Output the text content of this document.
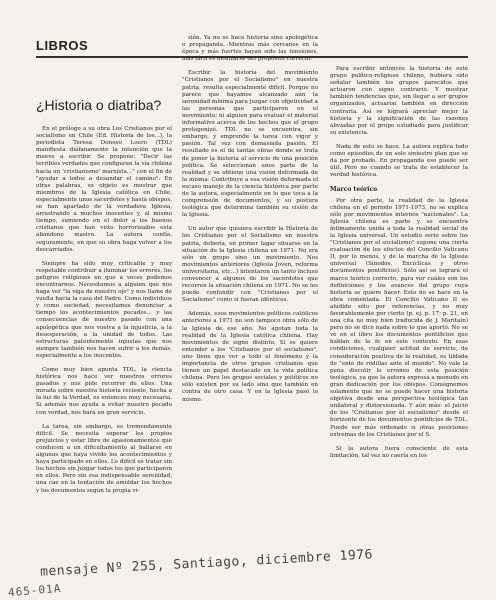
LIBROS
¿Historia o diatriba?

En el prólogo a su obra Los Cristianos por el socialismo en Chile (Ed. Historia de los...), la periodista Teresa Donoso Loero (TDL) manifiesta diáfanamente la intención que la mueve a escribir. Se propone: "Decir las terribles verdades que configuran la vía chilena hacia un 'cristianismo' marxista..." con el fin de "ayudar a todos a desandar el camino". En otras palabras, su objeto es mostrar que miembros de la Iglesia católica en Chile, especialmente unos sacerdotes y hasta obispos, se han apartado de la verdadera Iglesia, arrastrando a muchos inocentes y, al mismo tiempo, sumiendo en el dolor a los buenos cristianos que han visto horrorizados esta abandono masivo. La autora confía, seguramente, en que su obra haga volver a los descarriados.

Siempre ha sido muy criticable y muy respetable contribuir a iluminar los errores, los peligros religiosos en que a veces podemos encontrarnos. Necesitamos a alguien que nos haga ver "la viga de nuestro ojo" y nos llame de vuelta hacia la casa del Padre. Como individuos y como sociedad, necesitamos denunciar a tiempo los acontecimientos pecados... y las consecuencias de nuestro pasado con una apologética que nos vuelva a la injusticia, a la desesperación, a la unidad de todos. Las estructuras patentemente injustas que nos siempre también nos hacen sufrir a los demás, especialmente a los inocentes.

Como muy bien apunta TDL, la ciencia histórica nos hace ver nuestros errores pasados y nos pide recorrer de ellos. Una mirada sobre nuestra historia reciente, hecha a la luz de la Verdad, es entonces muy necesaria. Si además nos ayuda a evitar nuestro pecado con verdad, nos hará un gran servicio.

La tarea, sin embargo, es tremendamente difícil. Se necesita superar los propios prejuicios y estar libre de apasionamientos que conducen a un dificultamiento al hallarse en algunos que haya vivido los acontecimientos y haya participado en ellos. Lo difícil es tratar sin los hechos sin juzgar todos los que participaron en ellos. Pero sin esa indispensable serenidad, una cae en la tentación de amoldar los hechos y los documentos según la propia vi-

sión. Ya no se hace historia sino apologética o propaganda. Mientras más cercanos en la época y más fuertes hayan sido las tensiones, más fácil es deslizarse del propósito correcto.

Escribir la historia del movimiento "Cristianos por el Socialismo" en nuestra patria, resulta especialmente difícil. Porque no parece que hayamos alcanzado aún la serenidad mínima para juzgar con objetividad a las personas que participaron en el movimiento; ni alguien para evaluar el material informativo acerca de los hechos que el grupo protagonizó. TDL no se encuentra, sin embargo, y emprende la tarea con vigor y pasión. Tal vez con demasiada pasión. El resultado es el de tantas obras donde se trata de poner la historia al servicio de una posición política. Se seleccionan unos parte de la realidad y se obtiene una visión deformada de la misma. Contribuye a esa visión deformada el escaso manejo de la ciencia histórica por parte de la autora, especialmente en lo que toca a la comprensión de documentos, y su postura teológica que determina también su visión de la Iglesia.

Un autor que quisiera escribir la Historia de los Cristianos por el Socialismo en nuestra patria, debería, en primer lugar situarse en la situación de la Iglesia chilena en 1971. No era sólo un grupo sino un movimiento. Nos movimientos anteriores (Iglesia Joven, reforma universitaria, etc...) intentaron un tanto incluso convencer a algunos de los sacerdotes que recorren la situación chilena en 1971. No se les puede confundir con "Cristianos por el Socialismo" como si fueran idénticos.

Además, esos movimientos políticos católicos anteriores a 1971 no son tampoco obra sólo de la Iglesia de ese año. No agotan toda la realidad de la Iglesia católica chilena. Hay movimientos de signo distinto. Si se quiere entender a los "Cristianos por el socialismo", uno tiene que ver a todo el fenómeno y la importancia de otros grupos cristianos que tienen un papel destacado en la vida política chilena. Pero los grupos sociales y políticos no sólo existen por su lado sino que también en contra de otro casa. Y en la Iglesia pasó lo mismo.

Para escribir entonces la historia de este grupo político-religioso chileno, hubiera sido señalar también los grupos parecidos que actuaron con signo contrario. Y mostrar también tendencias que, sin llegar a ser grupos organizados, actuaron también en dirección contraria. Así se logrará apreciar mejor la historia y la significación de las razones aliviadas por el grupo estudiado para justificar su existencia.

Nada de esto se hace. La autora explica todo como episodios de un solo siniestro plan que se da por probado. En propaganda eso puede ser útil. Pero no cuando se trata de establecer la verdad histórica.

Marco teórico

Por otra parte, la realidad de la Iglesia chilena en el periodo 1971-1973, no se explica sólo por movimientos internos "nacionales". La Iglesia chilena es parte y se encuentra íntimamente unida a toda la realidad social de la Iglesia universal. Un estudio serio sobre los "Cristianos por el socialismo" supone una cierta evaluación de los efectos del Concilio Vaticano II, por lo menos, y de la marcha de la Iglesia universal (Sínodos, Encíclicas y otros documentos pontificios). Sólo así se logrará el marco teórico correcto, para ver cuáles son los definiciones y los avances del grupo cuya historia se quiere hacer. Esto no se hace en la obra comentada. El Concilio Vaticano II es aludido sólo por referencias, y no muy favorablemente por cierto (p. ej. p. 17; p. 21, en una cita no muy bien traducida de J. Maritain) pero no se dice nada sobre lo que aportó. No se ve en el libro los documentos pontificios que hablan de la fe en este contexto. En esas condiciones, cualquier actitud de servicio, de consideración positiva de la realidad, es tildada de "ente de rodillas ante el mundo". No vale la pena discutir lo erróneo de esta posición teológica, ya que la autora expresa a menudo en gran dedicación por los obispos. Consignemos solamente que no se puede hacer una historia objetiva desde una perspectiva teológica tan unilateral y distorsionada. Y aún más: el juicio de los "Cristianos por el socialismo" desde el horizonte de los documentos pontificios de TDL. Puede ser más ordenado si otras posiciones extremas de los Cristianos por el S.

Si la autora fuera consciente de esta limitación, tal vez no caería en los

mensaje Nº 255, Santiago, diciembre 1976
465-01A
